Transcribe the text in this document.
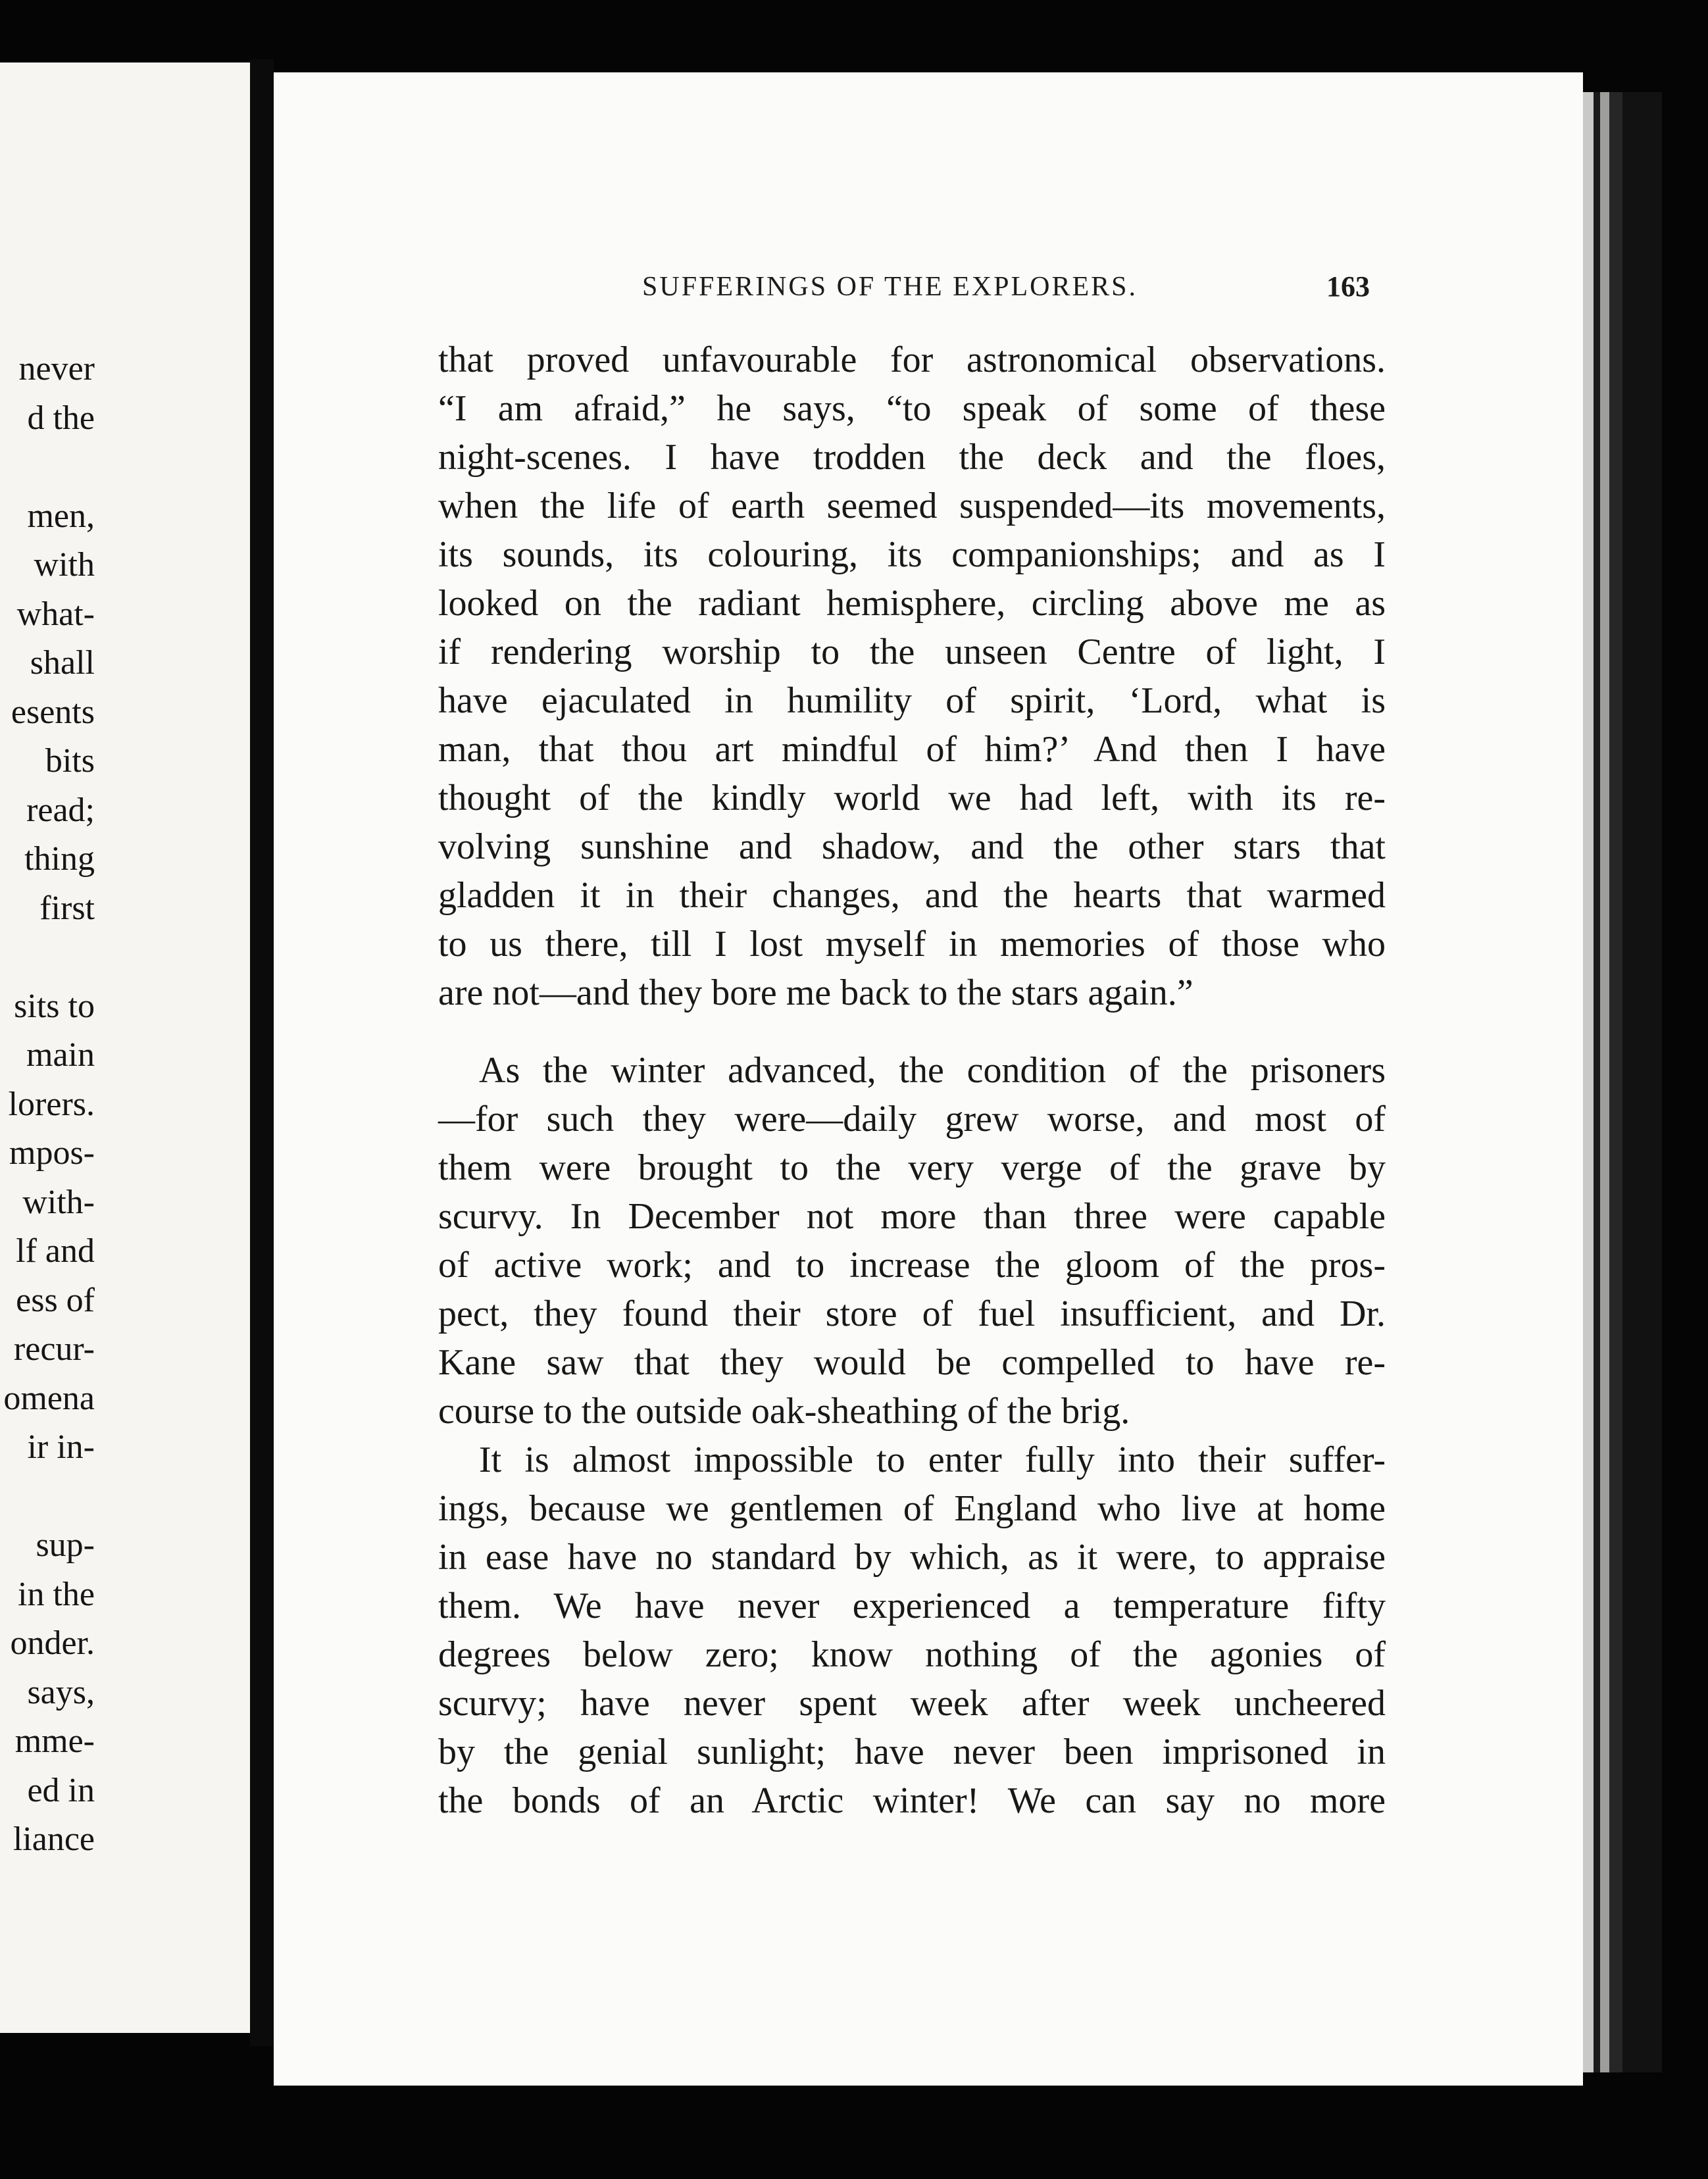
never
d the
men,
with
what-
shall
esents
bits
read;
thing
first
sits to
main
lorers.
mpos-
with-
lf and
ess of
recur-
omena
ir in-
sup-
in the
onder.
says,
mme-
ed in
liance
SUFFERINGS OF THE EXPLORERS.	163
that proved unfavourable for astronomical observations.
“I am afraid,” he says, “to speak of some of these
night-scenes. I have trodden the deck and the floes,
when the life of earth seemed suspended—its movements,
its sounds, its colouring, its companionships; and as I
looked on the radiant hemisphere, circling above me as
if rendering worship to the unseen Centre of light, I
have ejaculated in humility of spirit, ‘Lord, what is
man, that thou art mindful of him?’ And then I have
thought of the kindly world we had left, with its re-
volving sunshine and shadow, and the other stars that
gladden it in their changes, and the hearts that warmed
to us there, till I lost myself in memories of those who
are not—and they bore me back to the stars again.”
As the winter advanced, the condition of the prisoners
—for such they were—daily grew worse, and most of
them were brought to the very verge of the grave by
scurvy. In December not more than three were capable
of active work; and to increase the gloom of the pros-
pect, they found their store of fuel insufficient, and Dr.
Kane saw that they would be compelled to have re-
course to the outside oak-sheathing of the brig.
It is almost impossible to enter fully into their suffer-
ings, because we gentlemen of England who live at home
in ease have no standard by which, as it were, to appraise
them. We have never experienced a temperature fifty
degrees below zero; know nothing of the agonies of
scurvy; have never spent week after week uncheered
by the genial sunlight; have never been imprisoned in
the bonds of an Arctic winter! We can say no more
